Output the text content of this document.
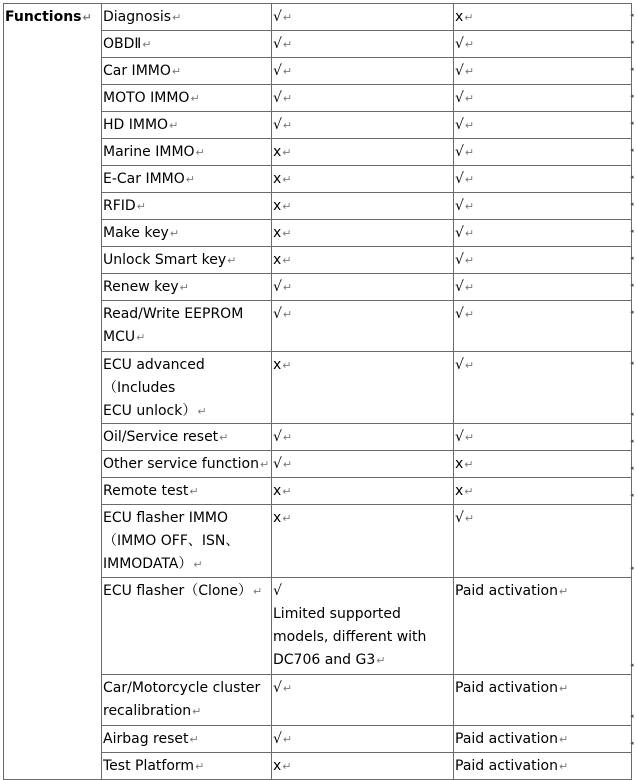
Functions↵	Diagnosis↵	√↵	x↵
	OBDⅡ↵	√↵	√↵
	Car IMMO↵	√↵	√↵
	MOTO IMMO↵	√↵	√↵
	HD IMMO↵	√↵	√↵
	Marine IMMO↵	x↵	√↵
	E-Car IMMO↵	x↵	√↵
	RFID↵	x↵	√↵
	Make key↵	x↵	√↵
	Unlock Smart key↵	x↵	√↵
	Renew key↵	√↵	√↵
	Read/Write EEPROM
MCU↵	√↵	√↵
	ECU advanced（Includes
ECU unlock）↵	x↵	√↵
	Oil/Service reset↵	√↵	√↵
	Other service function↵	√↵	x↵
	Remote test↵	x↵	x↵
	ECU flasher IMMO
（IMMO OFF、ISN、
IMMODATA）↵	x↵	√↵
	ECU flasher（Clone）↵	√
Limited supported
models, different with
DC706 and G3↵	Paid activation↵
	Car/Motorcycle cluster
recalibration↵	√↵	Paid activation↵
	Airbag reset↵	√↵	Paid activation↵
	Test Platform↵	x↵	Paid activation↵
◂
◂
◂
◂
◂
◂
◂
◂
◂
◂
◂
◂
◂
◂
◂
◂
◂
◂
◂
◂
◂
